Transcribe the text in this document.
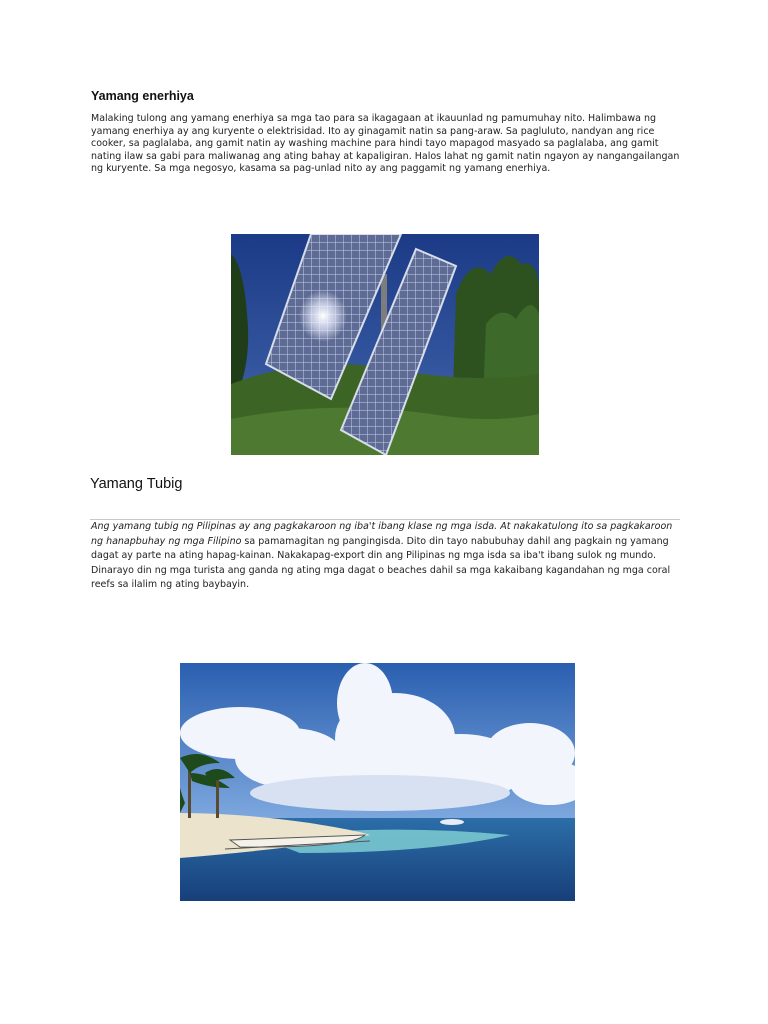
Yamang enerhiya
Malaking tulong ang yamang enerhiya sa mga tao para sa ikagagaan at ikauunlad ng pamumuhay nito. Halimbawa ng yamang enerhiya ay ang kuryente o elektrisidad. Ito ay ginagamit natin sa pang-araw. Sa pagluluto, nandyan ang rice cooker, sa paglalaba, ang gamit natin ay washing machine para hindi tayo mapagod masyado sa paglalaba, ang gamit nating ilaw sa gabi para maliwanag ang ating bahay at kapaligiran. Halos lahat ng gamit natin ngayon ay nangangailangan ng kuryente. Sa mga negosyo, kasama sa pag-unlad nito ay ang paggamit ng yamang enerhiya.
Yamang Tubig
Ang yamang tubig ng Pilipinas ay ang pagkakaroon ng iba't ibang klase ng mga isda. At nakakatulong ito sa pagkakaroon ng hanapbuhay ng mga Filipino sa pamamagitan ng pangingisda. Dito din tayo nabubuhay dahil ang pagkain ng yamang dagat ay parte na ating hapag-kainan. Nakakapag-export din ang Pilipinas ng mga isda sa iba't ibang sulok ng mundo. Dinarayo din ng mga turista ang ganda ng ating mga dagat o beaches dahil sa mga kakaibang kagandahan ng mga coral reefs sa ilalim ng ating baybayin.
